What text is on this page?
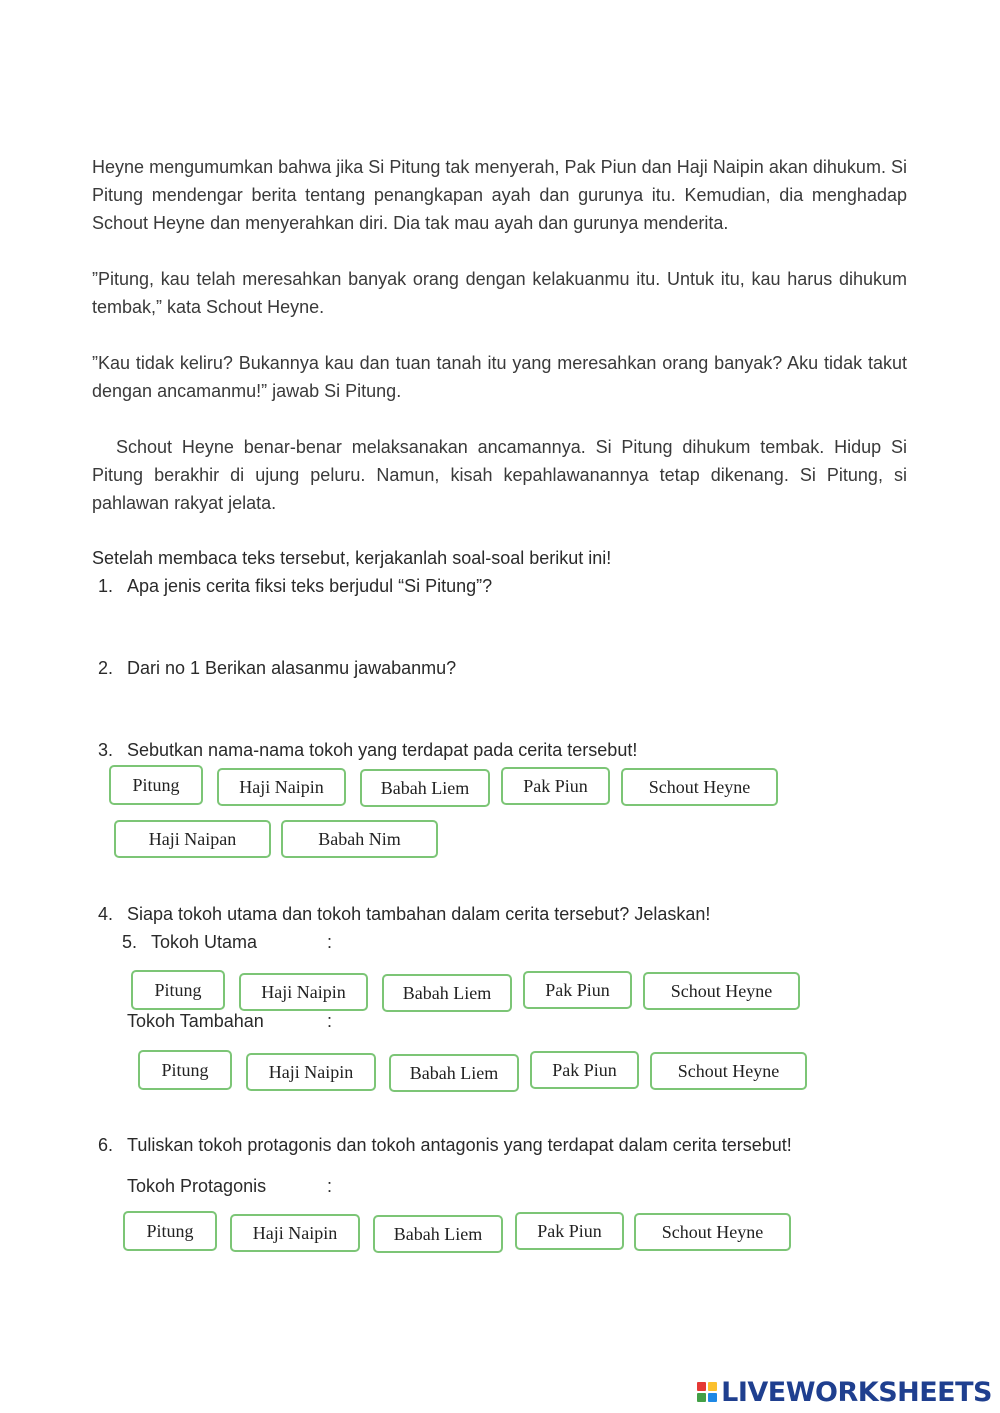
Heyne mengumumkan bahwa jika Si Pitung tak menyerah, Pak Piun dan Haji Naipin akan dihukum. Si Pitung mendengar berita tentang penangkapan ayah dan gurunya itu. Kemudian, dia menghadap Schout Heyne dan menyerahkan diri. Dia tak mau ayah dan gurunya menderita.

”Pitung, kau telah meresahkan banyak orang dengan kelakuanmu itu. Untuk itu, kau harus dihukum tembak,” kata Schout Heyne.

”Kau tidak keliru? Bukannya kau dan tuan tanah itu yang meresahkan orang banyak? Aku tidak takut dengan ancamanmu!” jawab Si Pitung.

Schout Heyne benar-benar melaksanakan ancamannya. Si Pitung dihukum tembak. Hidup Si Pitung berakhir di ujung peluru. Namun, kisah kepahlawanannya tetap dikenang. Si Pitung, si pahlawan rakyat jelata.

Setelah membaca teks tersebut, kerjakanlah soal-soal berikut ini!
1. Apa jenis cerita fiksi teks berjudul “Si Pitung”?
2. Dari no 1 Berikan alasanmu jawabanmu?
3. Sebutkan nama-nama tokoh yang terdapat pada cerita tersebut!
Pitung	Haji Naipin	Babah Liem	Pak Piun	Schout Heyne
Haji Naipan	Babah Nim
4. Siapa tokoh utama dan tokoh tambahan dalam cerita tersebut? Jelaskan!
5. Tokoh Utama	:
Pitung	Haji Naipin	Babah Liem	Pak Piun	Schout Heyne
Tokoh Tambahan	:
Pitung	Haji Naipin	Babah Liem	Pak Piun	Schout Heyne
6. Tuliskan tokoh protagonis dan tokoh antagonis yang terdapat dalam cerita tersebut!
Tokoh Protagonis	:
Pitung	Haji Naipin	Babah Liem	Pak Piun	Schout Heyne
LIVEWORKSHEETS
